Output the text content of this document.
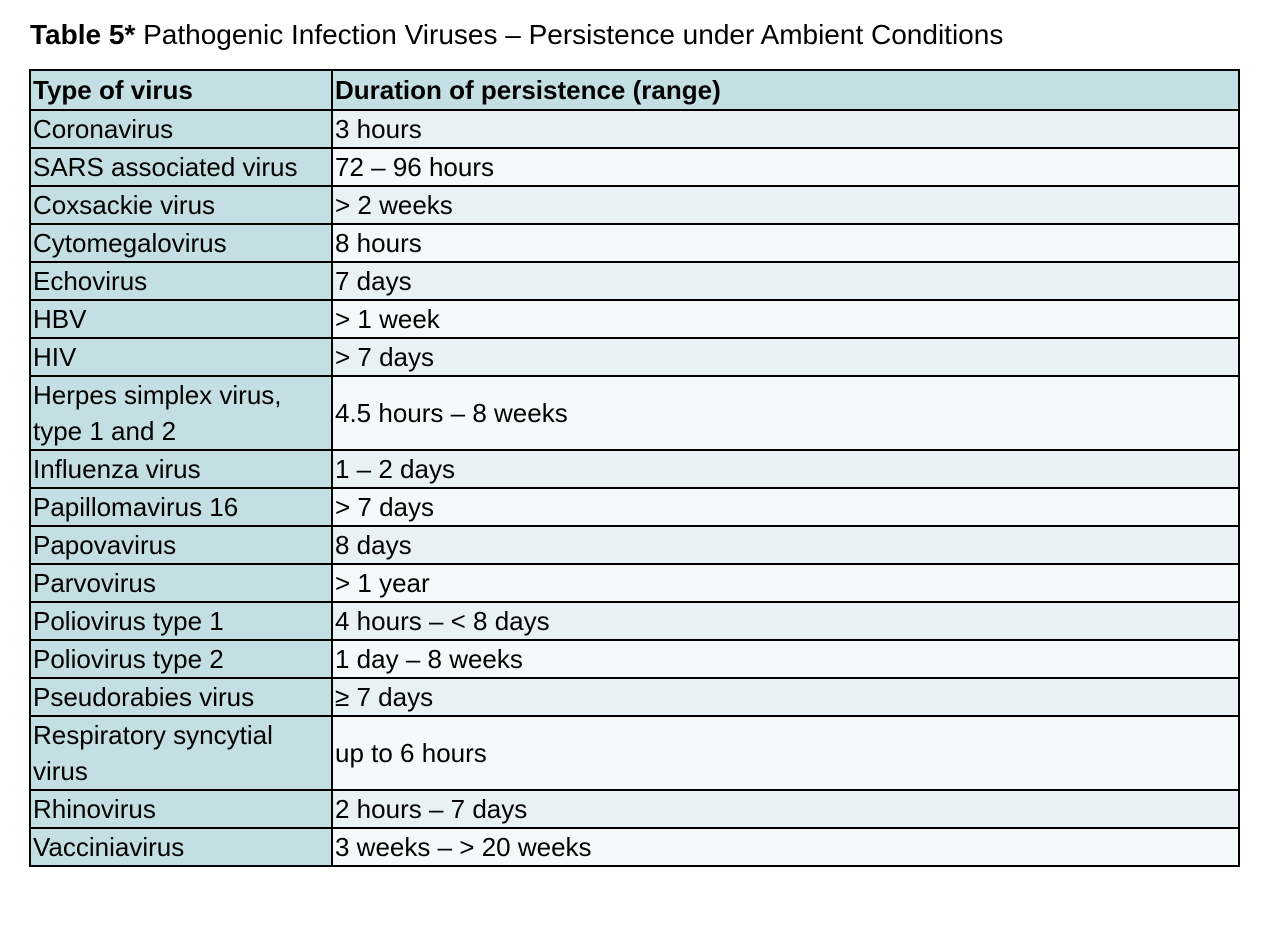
Table 5* Pathogenic Infection Viruses – Persistence under Ambient Conditions
Type of virus	Duration of persistence (range)
Coronavirus	3 hours
SARS associated virus	72 – 96 hours
Coxsackie virus	> 2 weeks
Cytomegalovirus	8 hours
Echovirus	7 days
HBV	> 1 week
HIV	> 7 days
Herpes simplex virus, type 1 and 2	4.5 hours – 8 weeks
Influenza virus	1 – 2 days
Papillomavirus 16	> 7 days
Papovavirus	8 days
Parvovirus	> 1 year
Poliovirus type 1	4 hours – < 8 days
Poliovirus type 2	1 day – 8 weeks
Pseudorabies virus	≥ 7 days
Respiratory syncytial virus	up to 6 hours
Rhinovirus	2 hours – 7 days
Vacciniavirus	3 weeks – > 20 weeks
